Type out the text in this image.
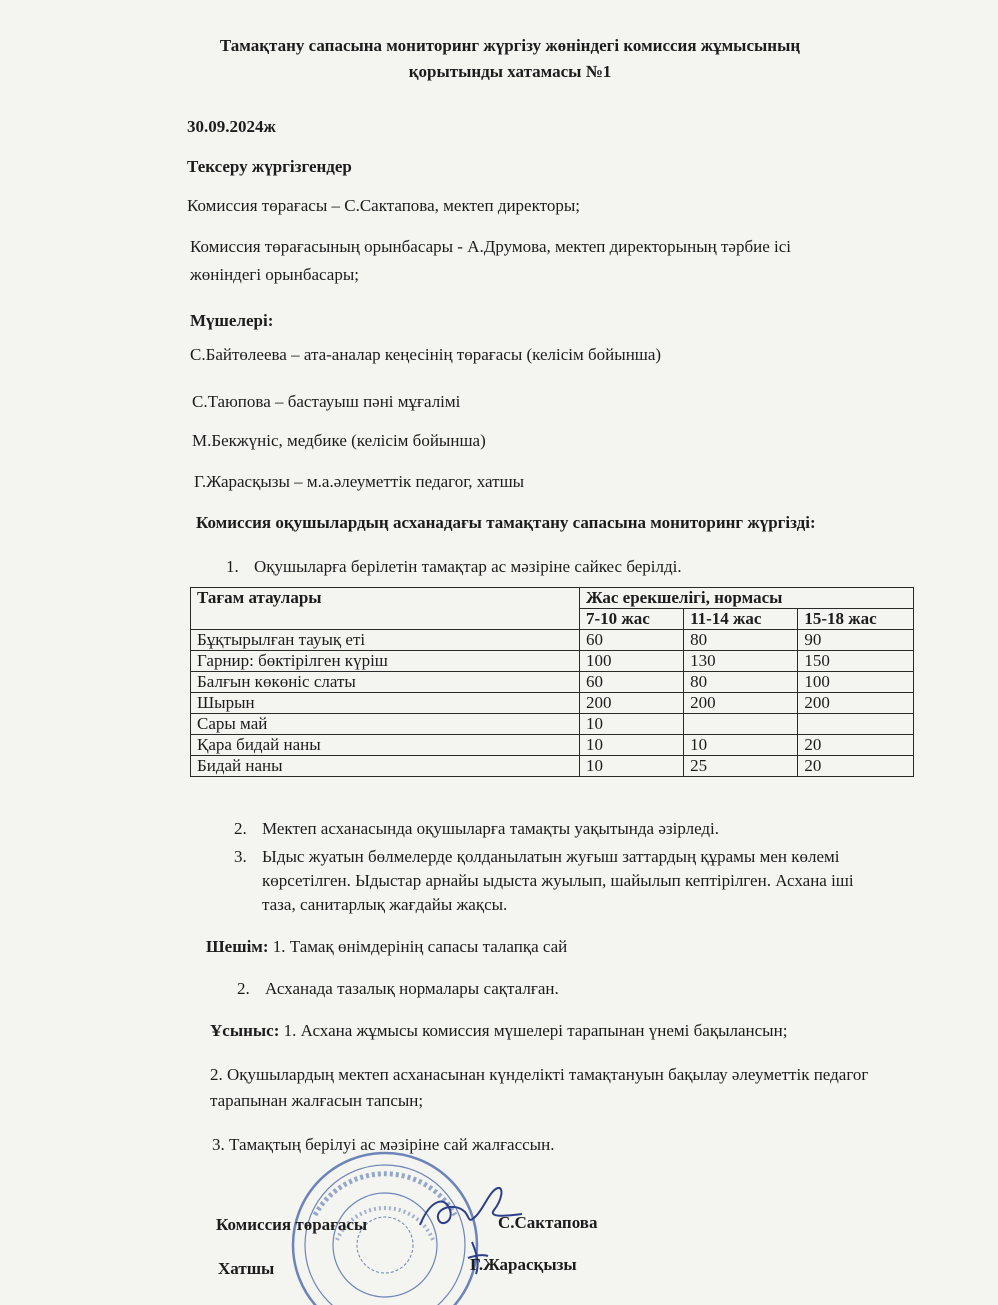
Тамақтану сапасына мониторинг жүргізу жөніндегі комиссия жұмысының
қорытынды хатамасы №1
30.09.2024ж
Тексеру жүргізгендер
Комиссия төрағасы – С.Сактапова, мектеп директоры;
Комиссия төрағасының орынбасары - А.Друмова, мектеп директорының тәрбие ісі
жөніндегі орынбасары;
Мүшелері:
С.Байтөлеева – ата-аналар кеңесінің төрағасы (келісім бойынша)
С.Таюпова – бастауыш пәні мұғалімі
М.Бекжүніс, медбике (келісім бойынша)
Г.Жарасқызы – м.а.әлеуметтік педагог, хатшы
Комиссия оқушылардың асханадағы тамақтану сапасына мониторинг жүргізді:
1. Оқушыларға берілетін тамақтар ас мәзіріне сайкес берілді.
Тағам атаулары	Жас ерекшелігі, нормасы		
	7-10 жас	11-14 жас	15-18 жас
Бұқтырылған тауық еті	60	80	90
Гарнир: бөктірілген күріш	100	130	150
Балғын көкөніс слаты	60	80	100
Шырын	200	200	200
Сары май	10		
Қара бидай наны	10	10	20
Бидай наны	10	25	20
2. Мектеп асханасында оқушыларға тамақты уақытында әзірледі.
3. Ыдыс жуатын бөлмелерде қолданылатын жуғыш заттардың құрамы мен көлемі
көрсетілген. Ыдыстар арнайы ыдыста жуылып, шайылып кептірілген. Асхана іші
таза, санитарлық жағдайы жақсы.
Шешім: 1. Тамақ өнімдерінің сапасы талапқа сай
2. Асханада тазалық нормалары сақталған.
Ұсыныс: 1. Асхана жұмысы комиссия мүшелері тарапынан үнемі бақылансын;
2. Оқушылардың мектеп асханасынан күнделікті тамақтануын бақылау әлеуметтік педагог
тарапынан жалғасын тапсын;
3. Тамақтың берілуі ас мәзіріне сай жалғассын.
Комиссия төрағасы	С.Сактапова
Хатшы	Г.Жарасқызы
